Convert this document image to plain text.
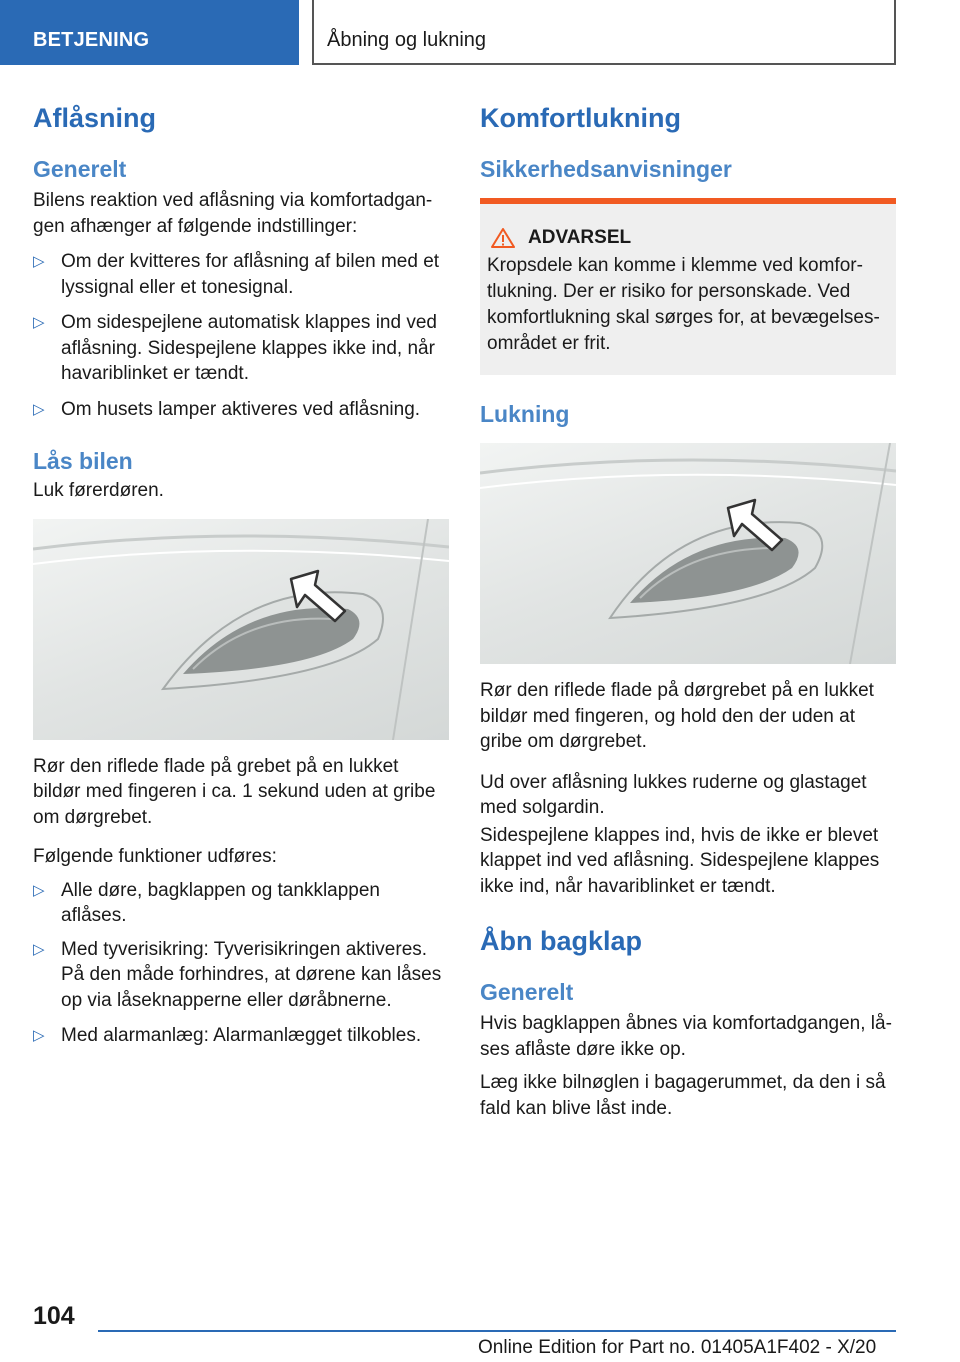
BETJENING	Åbning og lukning
Aflåsning
Generelt
Bilens reaktion ved aflåsning via komfortadgan-gen afhænger af følgende indstillinger:
▷ Om der kvitteres for aflåsning af bilen med et lyssignal eller et tonesignal.
▷ Om sidespejlene automatisk klappes ind ved aflåsning. Sidespejlene klappes ikke ind, når havariblinket er tændt.
▷ Om husets lamper aktiveres ved aflåsning.
Lås bilen
Luk førerdøren.
Rør den riflede flade på grebet på en lukket bildør med fingeren i ca. 1 sekund uden at gribe om dørgrebet.
Følgende funktioner udføres:
▷ Alle døre, bagklappen og tankklappen aflåses.
▷ Med tyverisikring: Tyverisikringen aktiveres. På den måde forhindres, at dørene kan låses op via låseknapperne eller døråbnerne.
▷ Med alarmanlæg: Alarmanlægget tilkobles.
Komfortlukning
Sikkerhedsanvisninger
ADVARSEL
Kropsdele kan komme i klemme ved komfor-tlukning. Der er risiko for personskade. Ved komfortlukning skal sørges for, at bevægelses-området er frit.
Lukning
Rør den riflede flade på dørgrebet på en lukket bildør med fingeren, og hold den der uden at gribe om dørgrebet.
Ud over aflåsning lukkes ruderne og glastaget med solgardin.
Sidespejlene klappes ind, hvis de ikke er blevet klappet ind ved aflåsning. Sidespejlene klappes ikke ind, når havariblinket er tændt.
Åbn bagklap
Generelt
Hvis bagklappen åbnes via komfortadgangen, lå-ses aflåste døre ikke op.
Læg ikke bilnøglen i bagagerummet, da den i så fald kan blive låst inde.
104
Online Edition for Part no. 01405A1F402 - X/20
